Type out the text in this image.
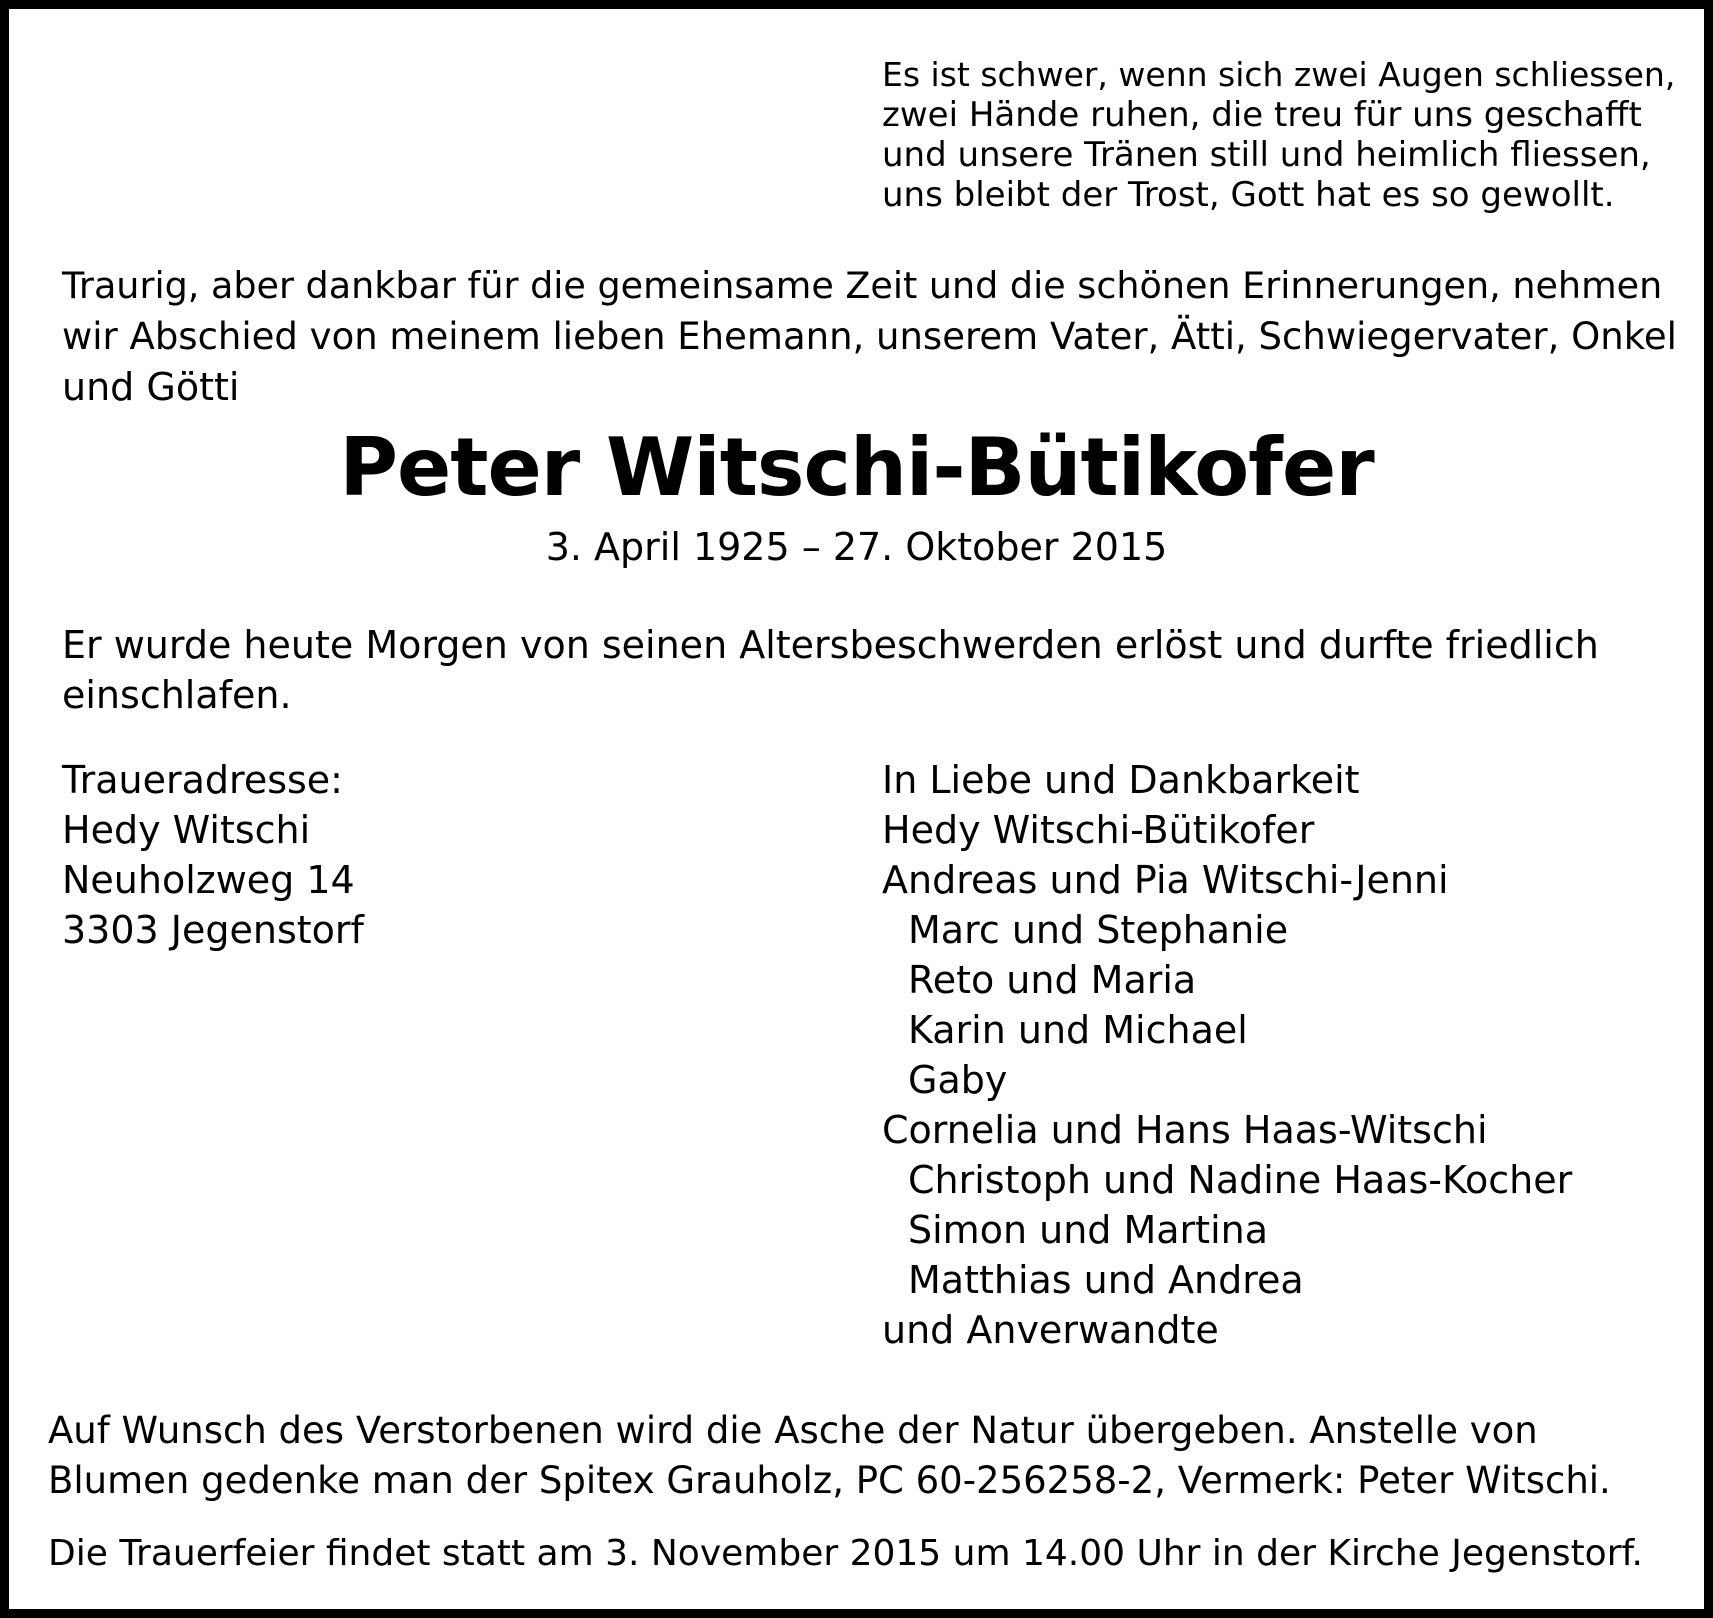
Es ist schwer, wenn sich zwei Augen schliessen,

zwei Hände ruhen, die treu für uns geschafft

und unsere Tränen still und heimlich fliessen,

uns bleibt der Trost, Gott hat es so gewollt.

Traurig, aber dankbar für die gemeinsame Zeit und die schönen Erinnerungen, nehmen

wir Abschied von meinem lieben Ehemann, unserem Vater, Ätti, Schwiegervater, Onkel

und Götti

Peter Witschi-Bütikofer

3. April 1925 – 27. Oktober 2015

Er wurde heute Morgen von seinen Altersbeschwerden erlöst und durfte friedlich

einschlafen.

Traueradresse:
Hedy Witschi
Neuholzweg 14
3303 Jegenstorf
In Liebe und Dankbarkeit
Hedy Witschi-Bütikofer
Andreas und Pia Witschi-Jenni
Marc und Stephanie
Reto und Maria
Karin und Michael
Gaby
Cornelia und Hans Haas-Witschi
Christoph und Nadine Haas-Kocher
Simon und Martina
Matthias und Andrea
und Anverwandte

Auf Wunsch des Verstorbenen wird die Asche der Natur übergeben. Anstelle von

Blumen gedenke man der Spitex Grauholz, PC 60-256258-2, Vermerk: Peter Witschi.

Die Trauerfeier findet statt am 3. November 2015 um 14.00 Uhr in der Kirche Jegenstorf.
